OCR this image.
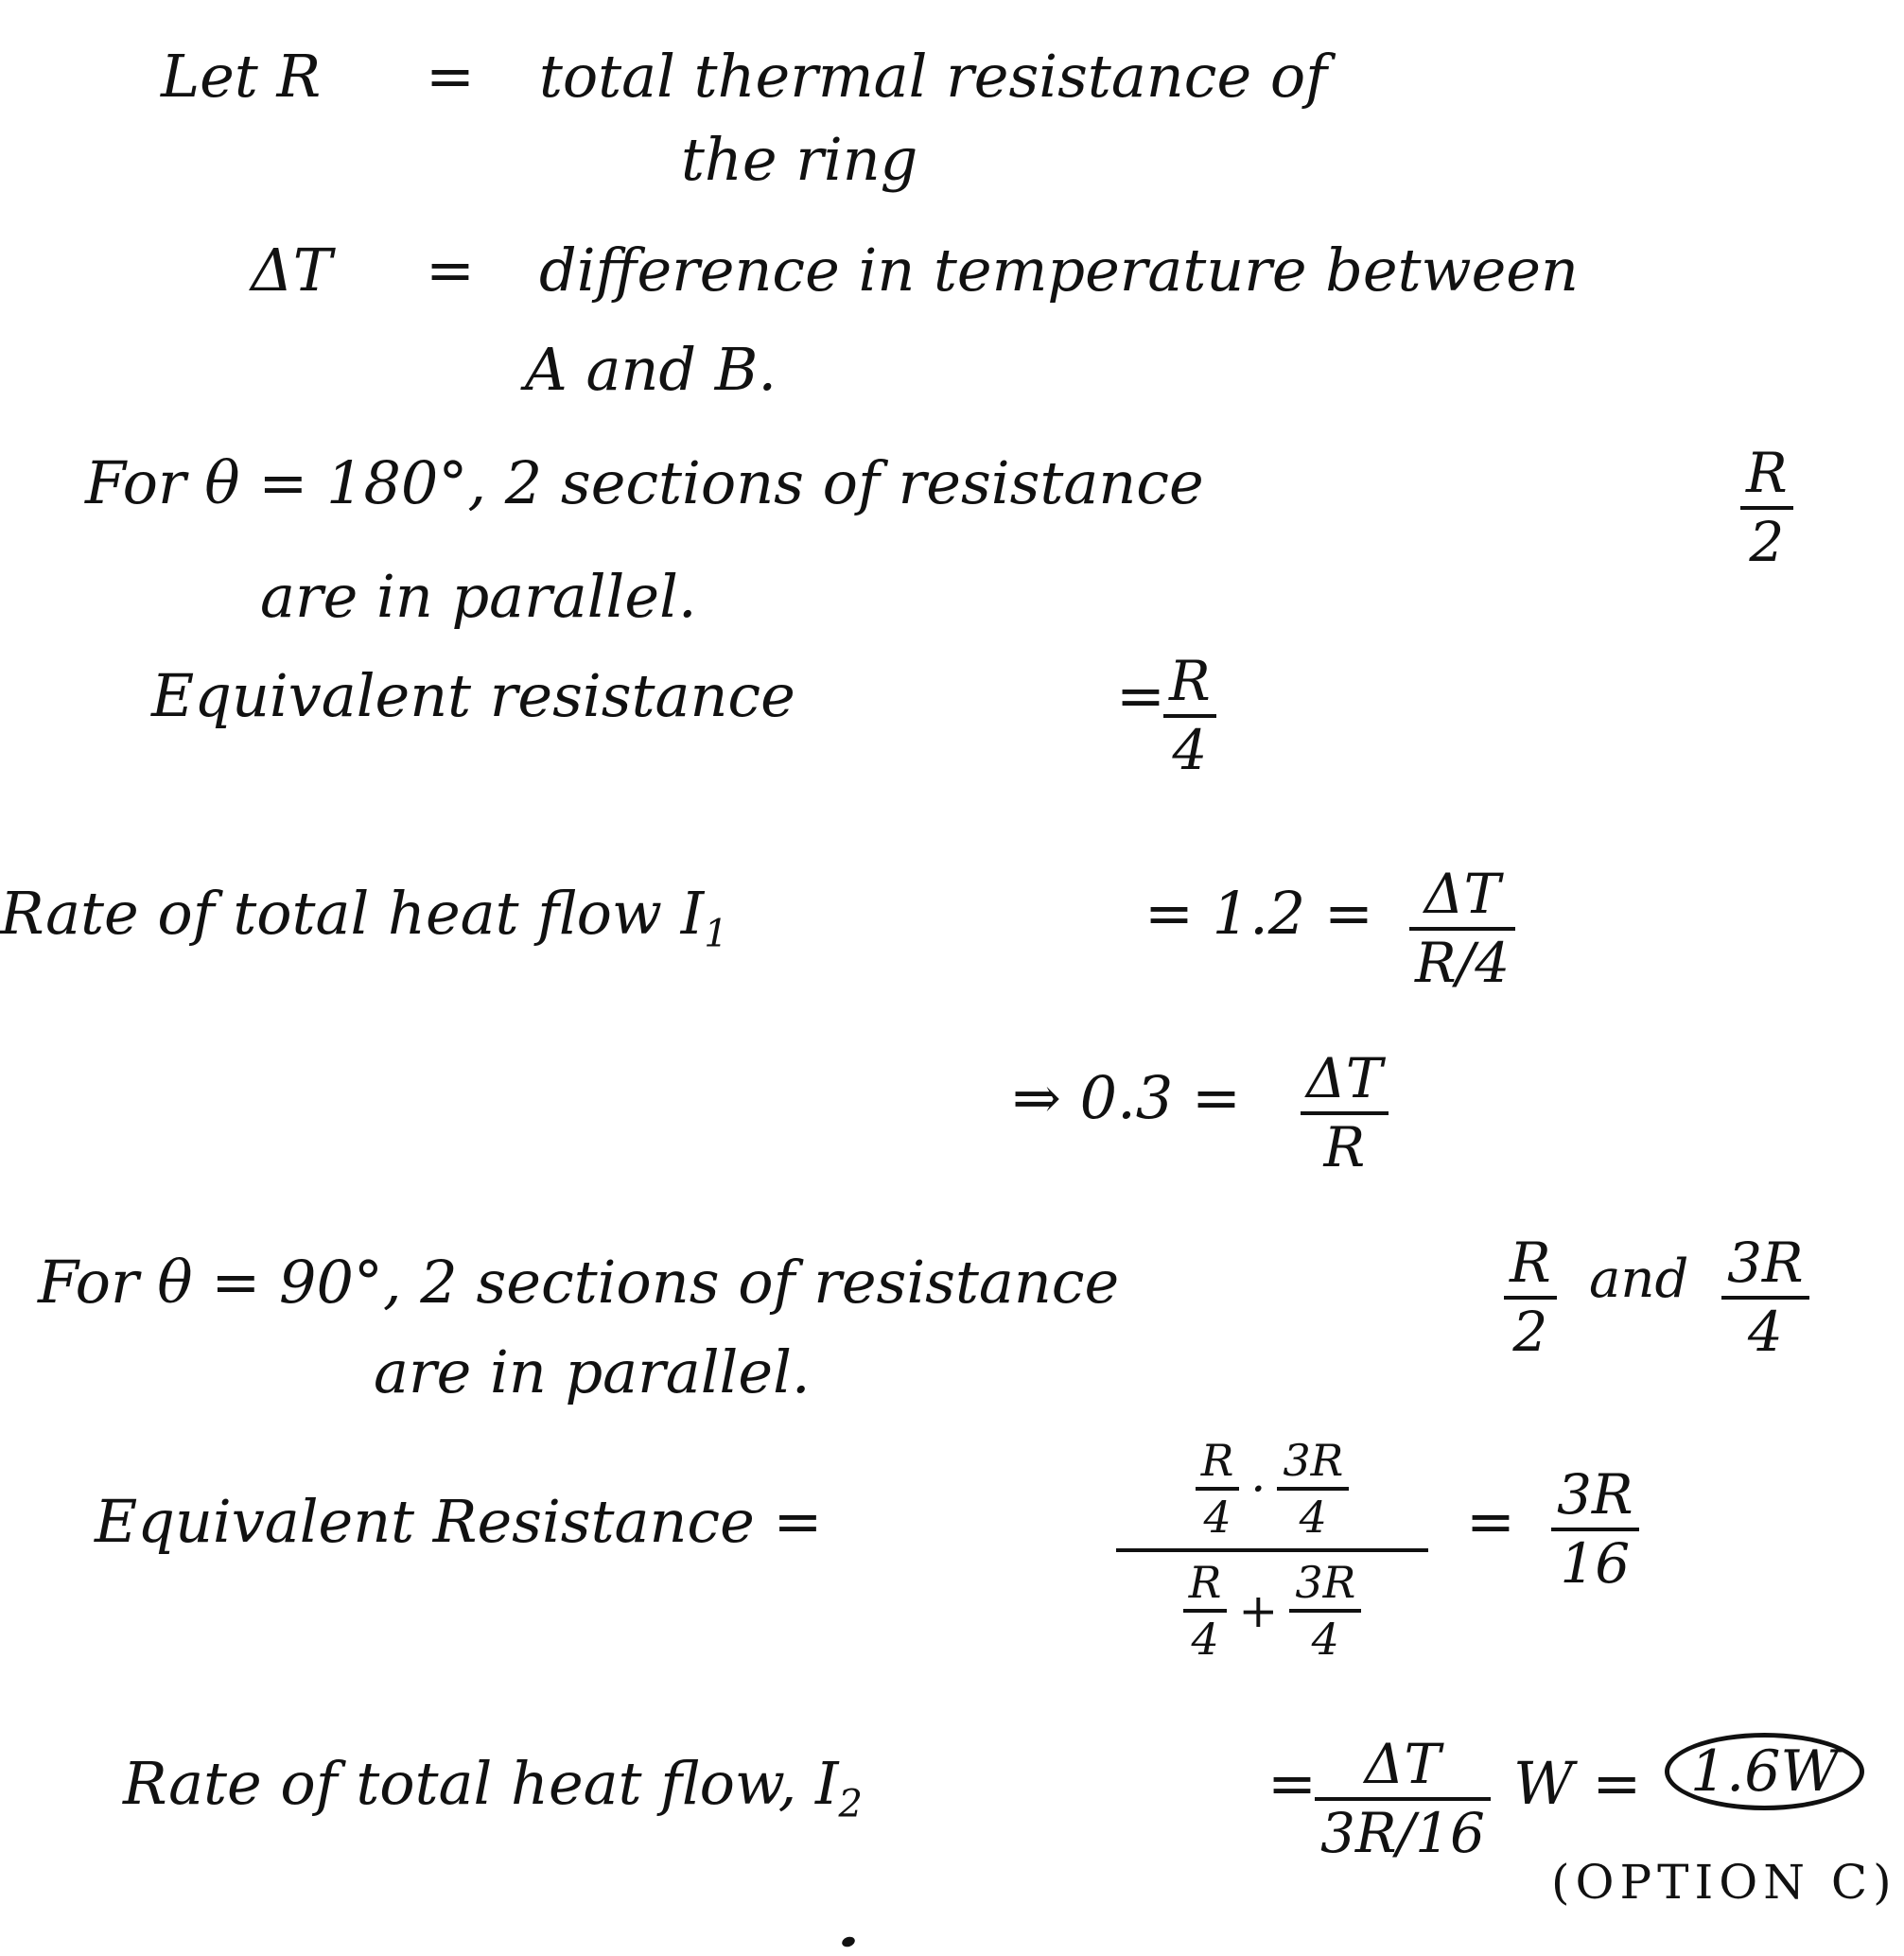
Let R = total thermal resistance of
the ring
ΔT = difference in temperature between
A and B.
For θ = 180°, 2 sections of resistance	R
2
are in parallel.
Equivalent resistance	= R
4
Rate of total heat flow $I_1$	= 1.2 = ΔT
R/4
⇒ 0.3 = ΔT
R
For θ = 90°, 2 sections of resistance	R
2
and 3R
4
are in parallel.
Equivalent Resistance =	$\frac{R}{4} \cdot \frac{3R}{4}$
$\frac{R}{4} + \frac{3R}{4}$
= 3R
16
Rate of total heat flow, $I_2$	= ΔT
3R/16
W = 1.6W
(OPTION C)
